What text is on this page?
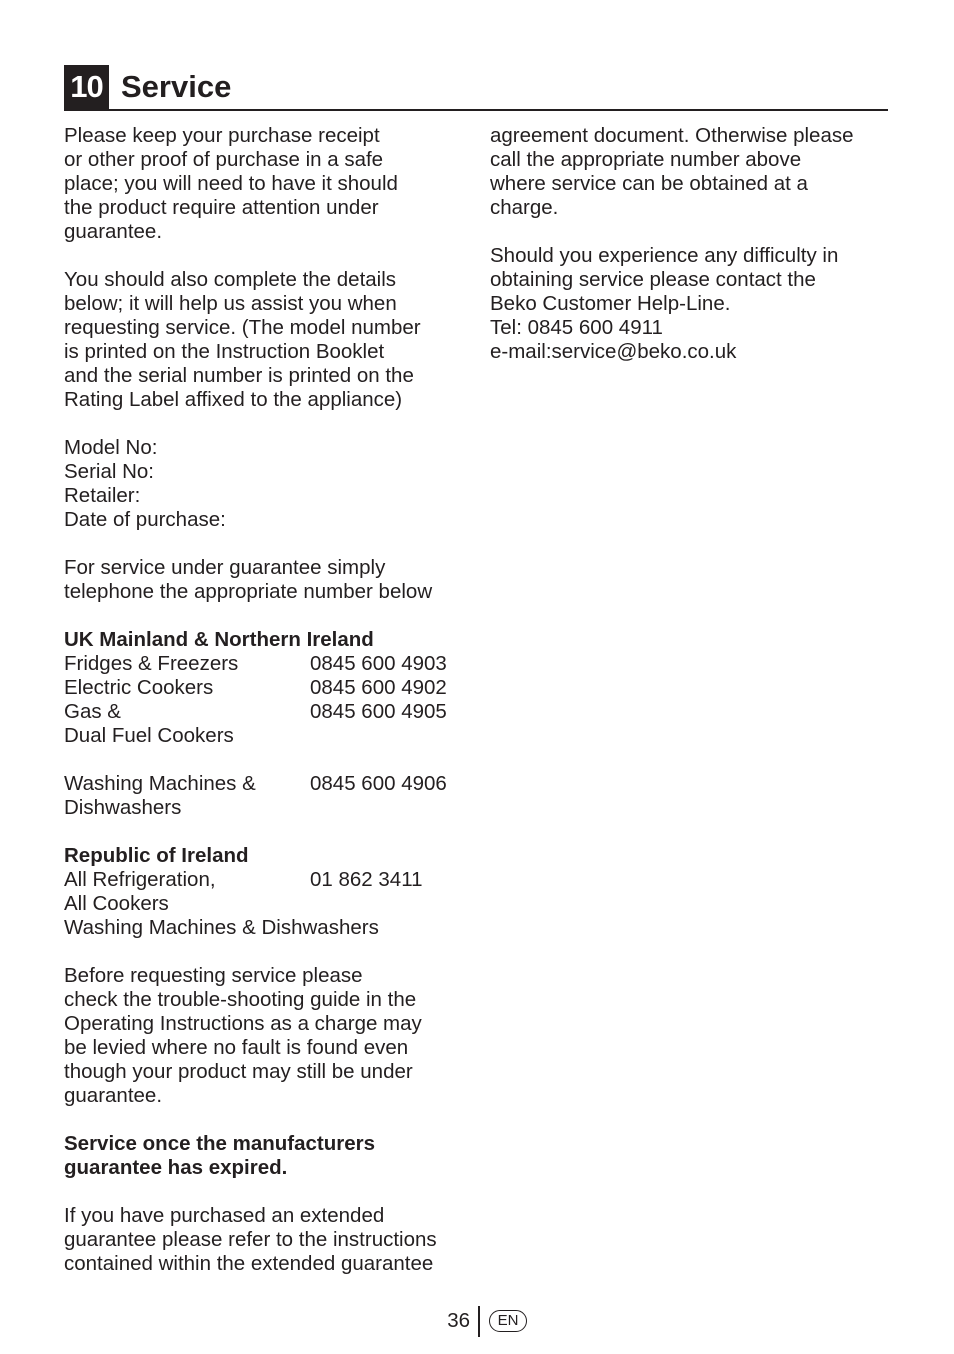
10 Service
Please keep your purchase receipt
or other proof of purchase in a safe
place; you will need to have it should
the product require attention under
guarantee.
You should also complete the details
below; it will help us assist you when
requesting service. (The model number
is printed on the Instruction Booklet
and the serial number is printed on the
Rating Label affixed to the appliance)
Model No:
Serial No:
Retailer:
Date of purchase:
For service under guarantee simply
telephone the appropriate number below
UK Mainland & Northern Ireland
Fridges & Freezers	0845 600 4903
Electric Cookers	0845 600 4902
Gas &	0845 600 4905
Dual Fuel Cookers

Washing Machines &	0845 600 4906
Dishwashers
Republic of Ireland
All Refrigeration,	01 862 3411
All Cookers
Washing Machines & Dishwashers
Before requesting service please
check the trouble-shooting guide in the
Operating Instructions as a charge may
be levied where no fault is found even
though your product may still be under
guarantee.
Service once the manufacturers
guarantee has expired.
If you have purchased an extended
guarantee please refer to the instructions
contained within the extended guarantee
agreement document. Otherwise please
call the appropriate number above
where service can be obtained at a
charge.
Should you experience any difficulty in
obtaining service please contact the
Beko Customer Help-Line.
Tel: 0845 600 4911
e-mail:service@beko.co.uk
36	EN
